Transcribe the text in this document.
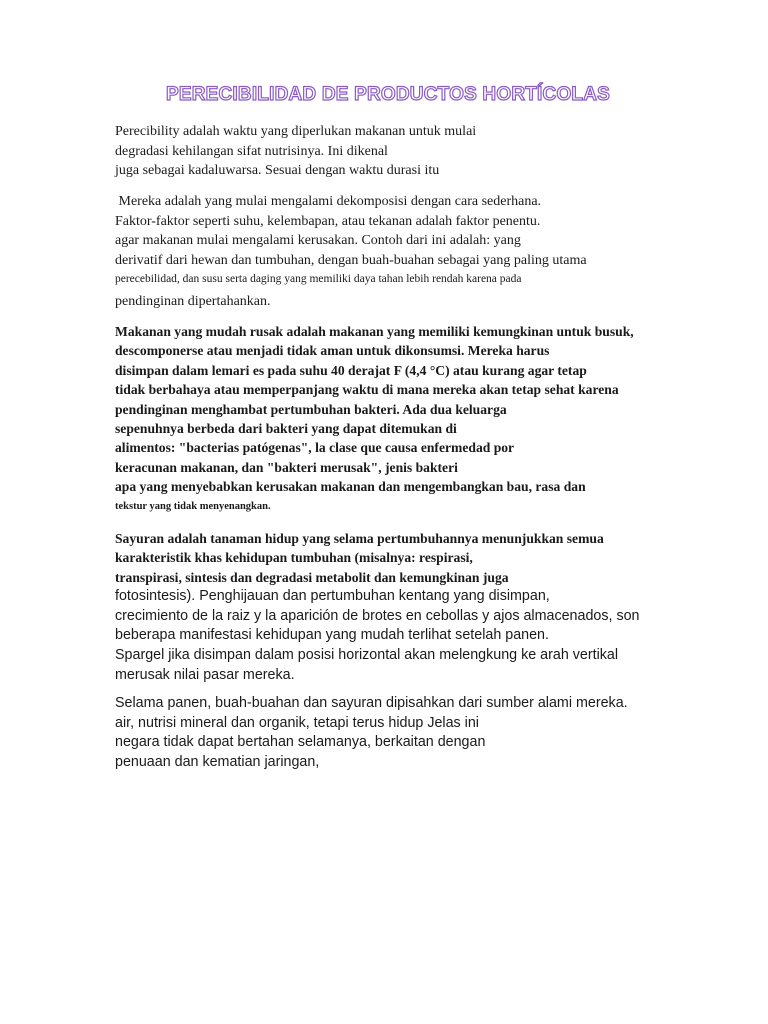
PERECIBILIDAD DE PRODUCTOS HORTÍCOLAS
Perecibility adalah waktu yang diperlukan makanan untuk mulai
degradasi kehilangan sifat nutrisinya. Ini dikenal
juga sebagai kadaluwarsa. Sesuai dengan waktu durasi itu
Mereka adalah yang mulai mengalami dekomposisi dengan cara sederhana.
Faktor-faktor seperti suhu, kelembapan, atau tekanan adalah faktor penentu.
agar makanan mulai mengalami kerusakan. Contoh dari ini adalah: yang
derivatif dari hewan dan tumbuhan, dengan buah-buahan sebagai yang paling utama
perecebilidad, dan susu serta daging yang memiliki daya tahan lebih rendah karena pada
pendinginan dipertahankan.
Makanan yang mudah rusak adalah makanan yang memiliki kemungkinan untuk busuk,
descomponerse atau menjadi tidak aman untuk dikonsumsi. Mereka harus
disimpan dalam lemari es pada suhu 40 derajat F (4,4 °C) atau kurang agar tetap
tidak berbahaya atau memperpanjang waktu di mana mereka akan tetap sehat karena
pendinginan menghambat pertumbuhan bakteri. Ada dua keluarga
sepenuhnya berbeda dari bakteri yang dapat ditemukan di
alimentos: "bacterias patógenas", la clase que causa enfermedad por
keracunan makanan, dan "bakteri merusak", jenis bakteri
apa yang menyebabkan kerusakan makanan dan mengembangkan bau, rasa dan
tekstur yang tidak menyenangkan.
Sayuran adalah tanaman hidup yang selama pertumbuhannya menunjukkan semua
karakteristik khas kehidupan tumbuhan (misalnya: respirasi,
transpirasi, sintesis dan degradasi metabolit dan kemungkinan juga
fotosintesis). Penghijauan dan pertumbuhan kentang yang disimpan,
crecimiento de la raiz y la aparición de brotes en cebollas y ajos almacenados, son
beberapa manifestasi kehidupan yang mudah terlihat setelah panen.
Spargel jika disimpan dalam posisi horizontal akan melengkung ke arah vertikal
merusak nilai pasar mereka.
Selama panen, buah-buahan dan sayuran dipisahkan dari sumber alami mereka.
air, nutrisi mineral dan organik, tetapi terus hidup Jelas ini
negara tidak dapat bertahan selamanya, berkaitan dengan
penuaan dan kematian jaringan,
